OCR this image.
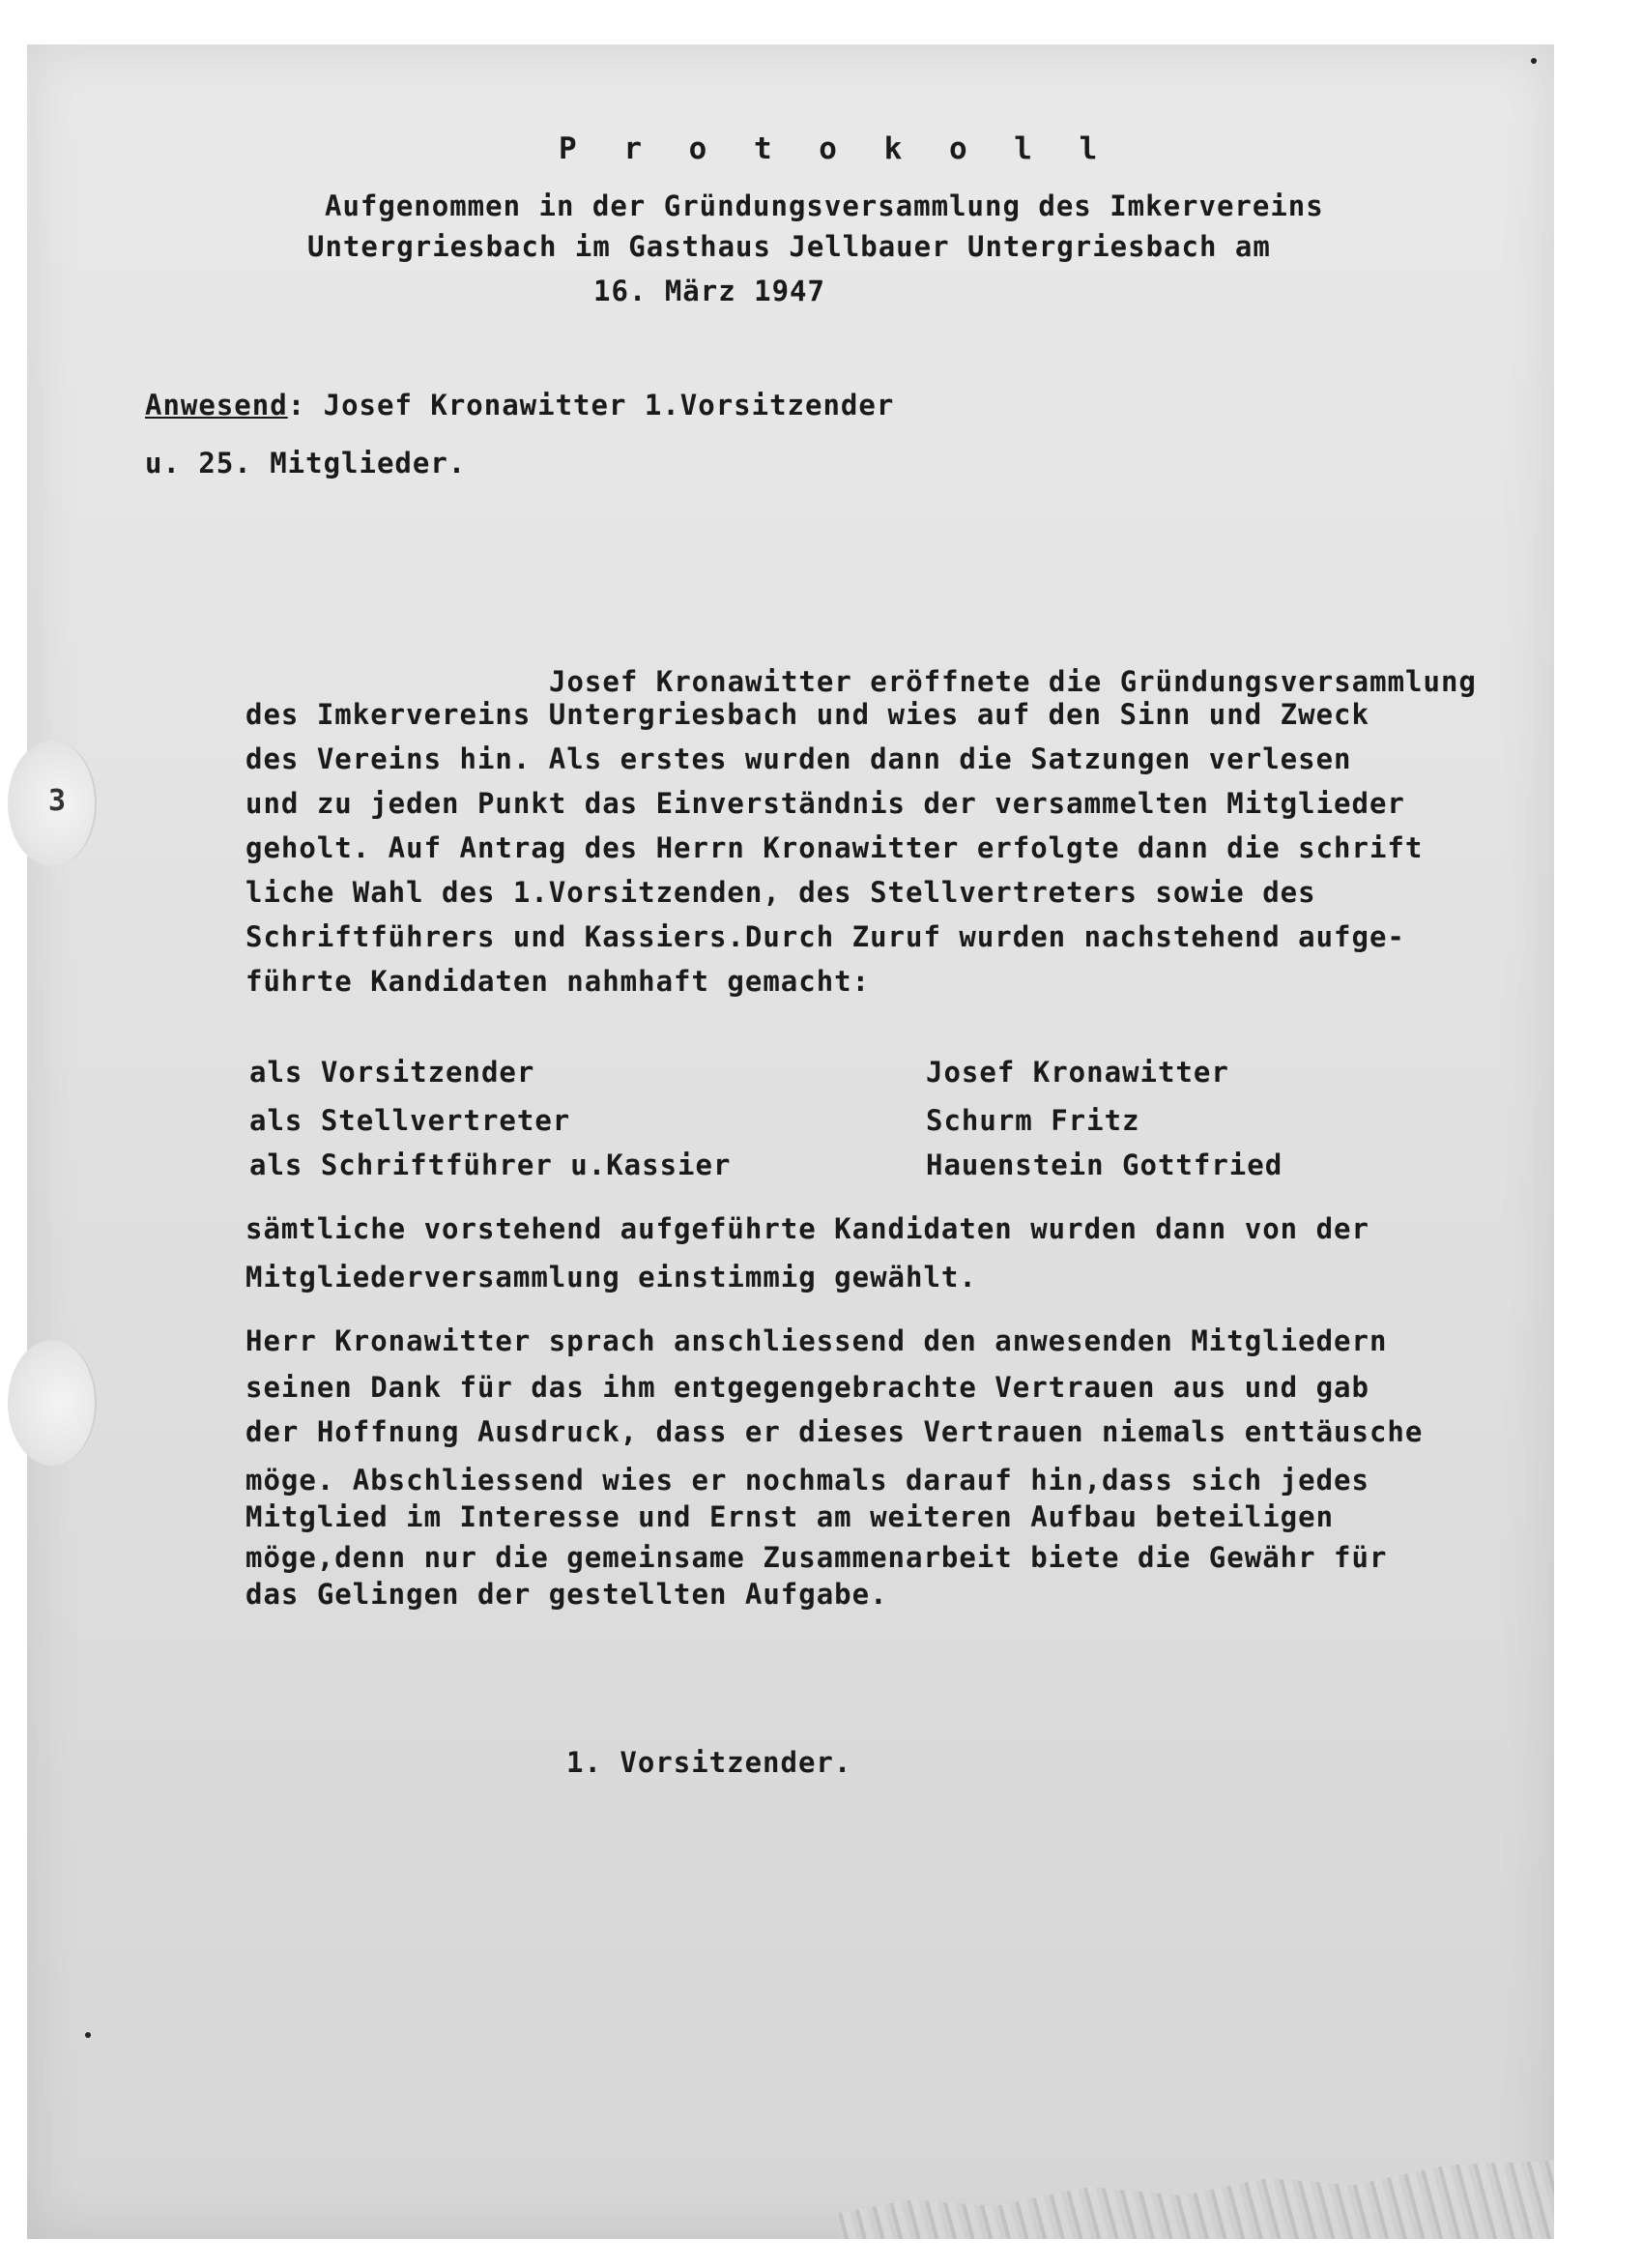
3
P r o t o k o l l
Aufgenommen in der Gründungsversammlung des Imkervereins
Untergriesbach im Gasthaus Jellbauer Untergriesbach am
16. März 1947
Anwesend: Josef Kronawitter 1.Vorsitzender
u. 25. Mitglieder.
Josef Kronawitter eröffnete die Gründungsversammlung
des Imkervereins Untergriesbach und wies auf den Sinn und Zweck
des Vereins hin. Als erstes wurden dann die Satzungen verlesen
und zu jeden Punkt das Einverständnis der versammelten Mitglieder
geholt. Auf Antrag des Herrn Kronawitter erfolgte dann die schrift
liche Wahl des 1.Vorsitzenden, des Stellvertreters sowie des
Schriftführers und Kassiers.Durch Zuruf wurden nachstehend aufge-
führte Kandidaten nahmhaft gemacht:
als Vorsitzender	Josef Kronawitter
als Stellvertreter	Schurm Fritz
als Schriftführer u.Kassier	Hauenstein Gottfried
sämtliche vorstehend aufgeführte Kandidaten wurden dann von der
Mitgliederversammlung einstimmig gewählt.
Herr Kronawitter sprach anschliessend den anwesenden Mitgliedern
seinen Dank für das ihm entgegengebrachte Vertrauen aus und gab
der Hoffnung Ausdruck, dass er dieses Vertrauen niemals enttäusche
möge. Abschliessend wies er nochmals darauf hin,dass sich jedes
Mitglied im Interesse und Ernst am weiteren Aufbau beteiligen
möge,denn nur die gemeinsame Zusammenarbeit biete die Gewähr für
das Gelingen der gestellten Aufgabe.
1. Vorsitzender.
